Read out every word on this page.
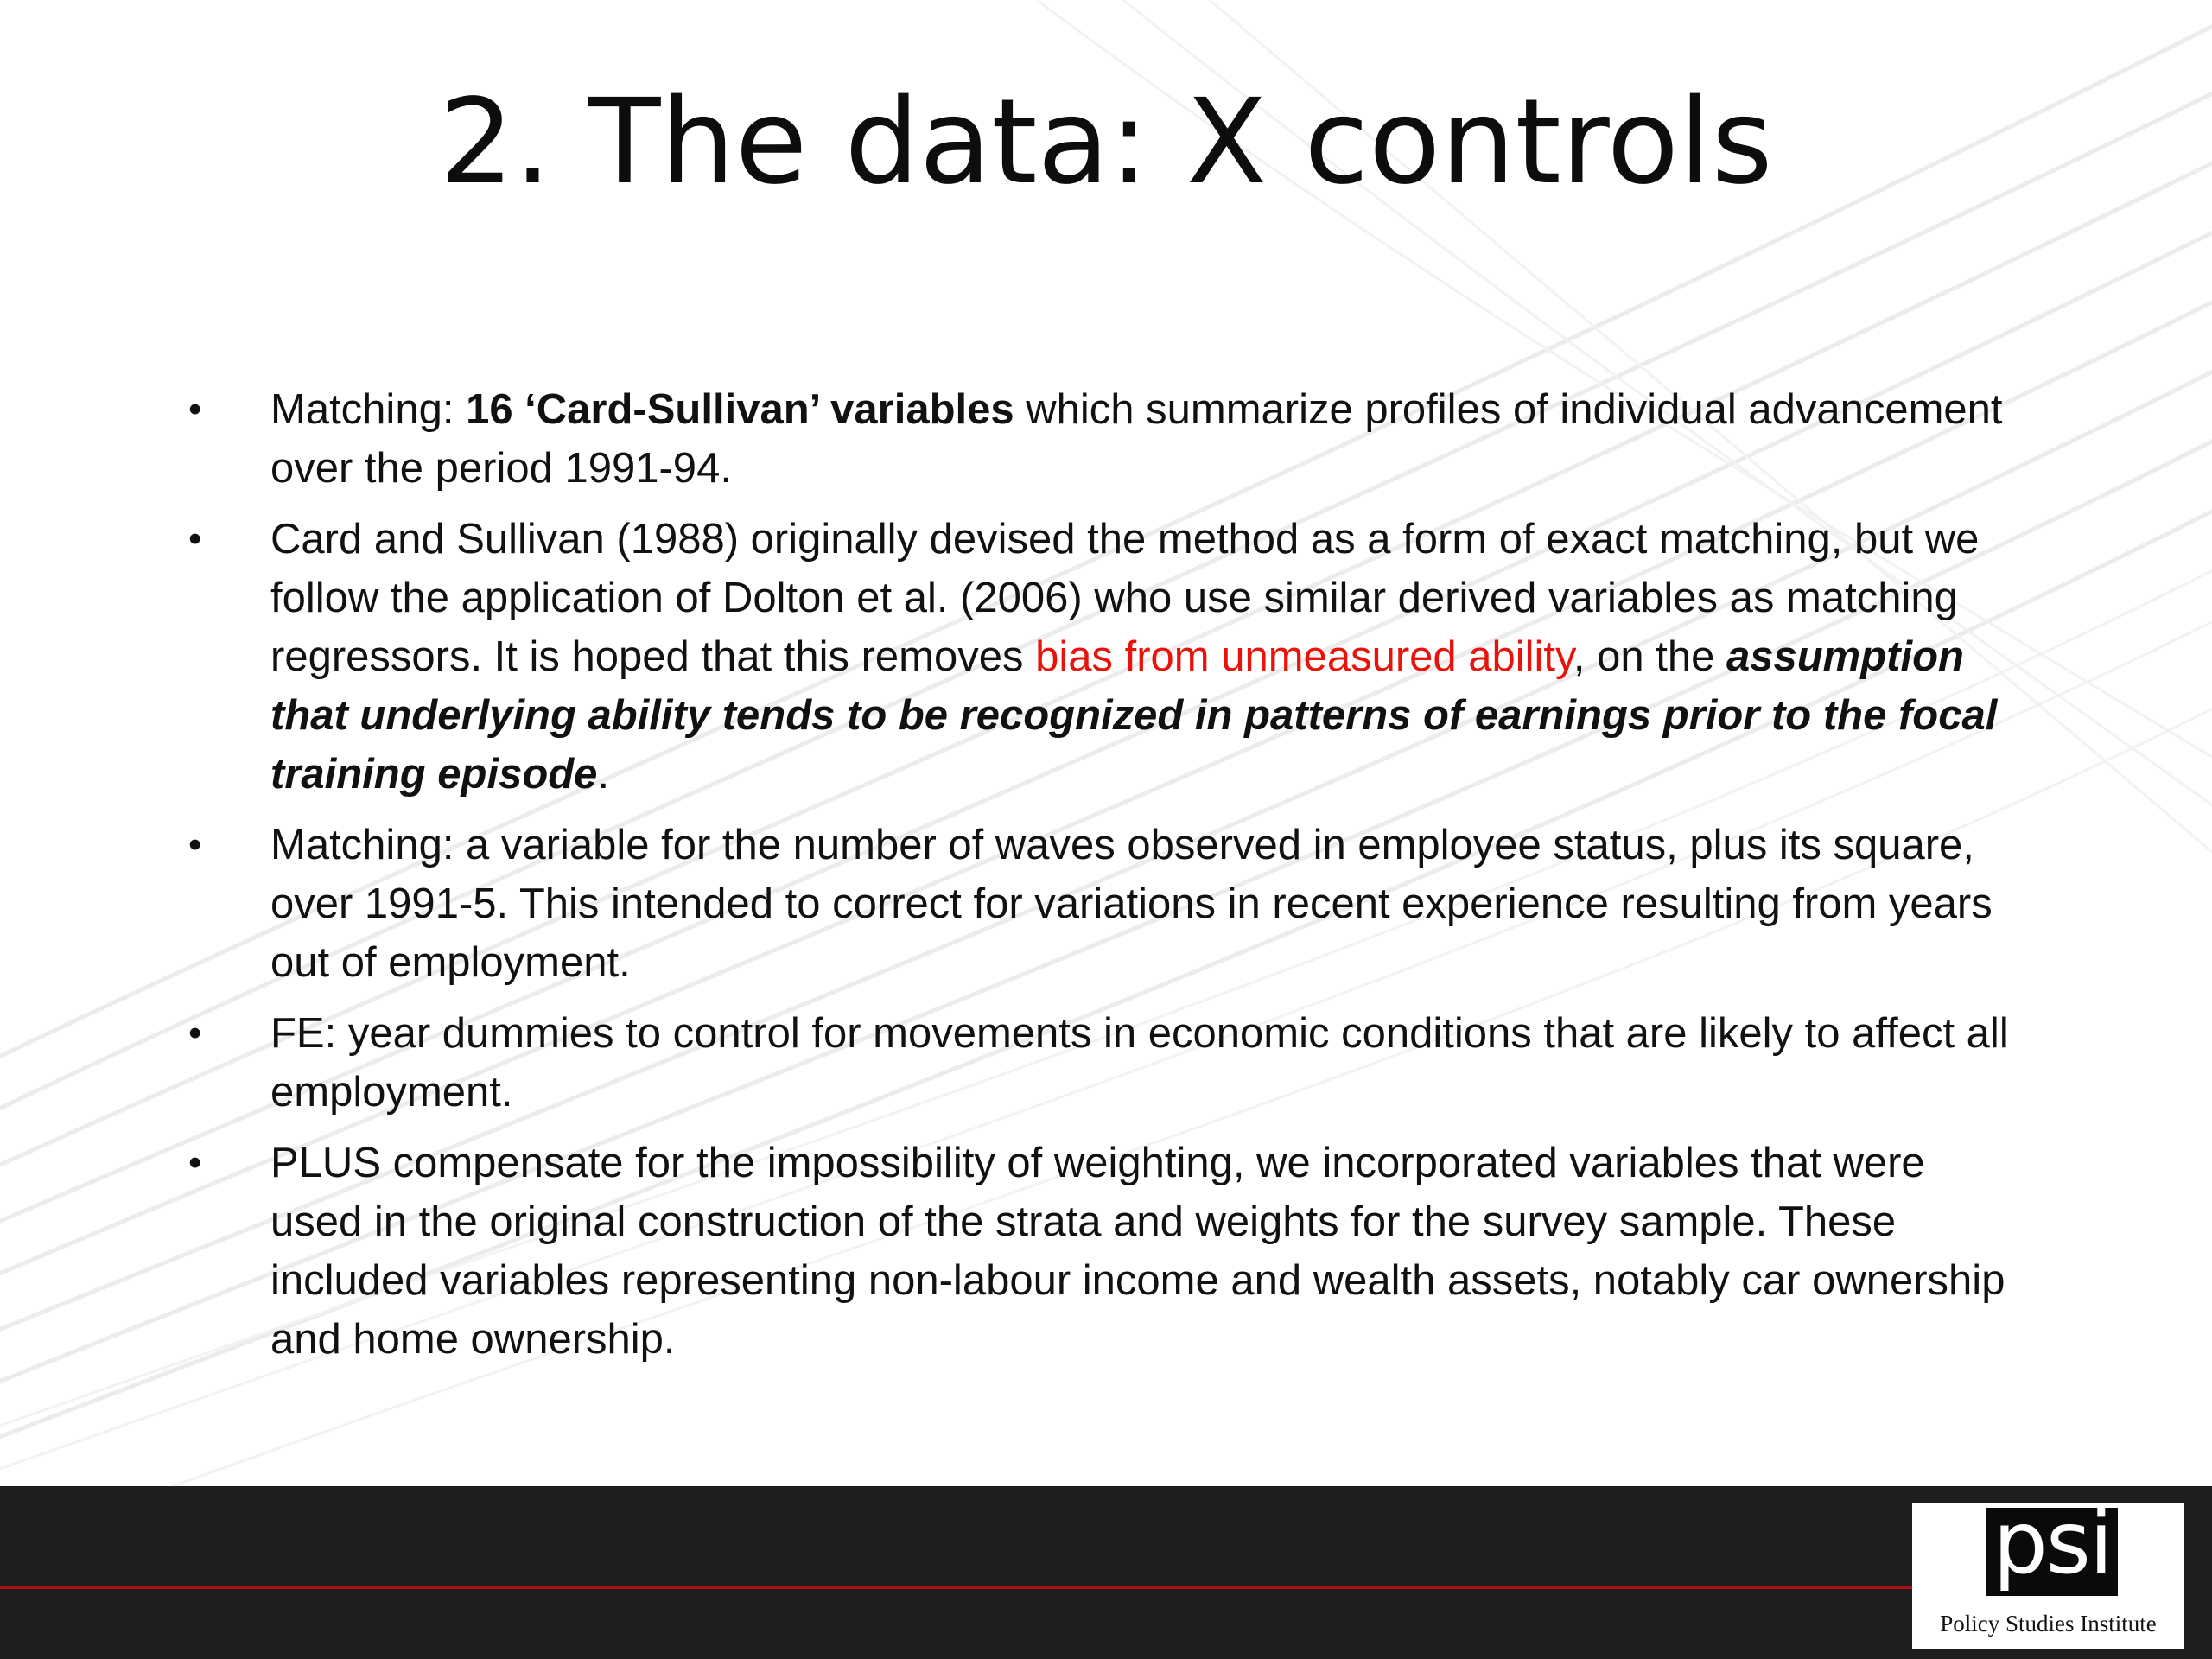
2. The data: X controls
• Matching: 16 ‘Card-Sullivan’ variables which summarize profiles of individual advancement over the period 1991-94.
• Card and Sullivan (1988) originally devised the method as a form of exact matching, but we follow the application of Dolton et al. (2006) who use similar derived variables as matching regressors. It is hoped that this removes bias from unmeasured ability, on the assumption that underlying ability tends to be recognized in patterns of earnings prior to the focal training episode.
• Matching: a variable for the number of waves observed in employee status, plus its square, over 1991-5. This intended to correct for variations in recent experience resulting from years out of employment.
• FE: year dummies to control for movements in economic conditions that are likely to affect all employment.
• PLUS compensate for the impossibility of weighting, we incorporated variables that were used in the original construction of the strata and weights for the survey sample. These included variables representing non-labour income and wealth assets, notably car ownership and home ownership.
psi
Policy Studies Institute
